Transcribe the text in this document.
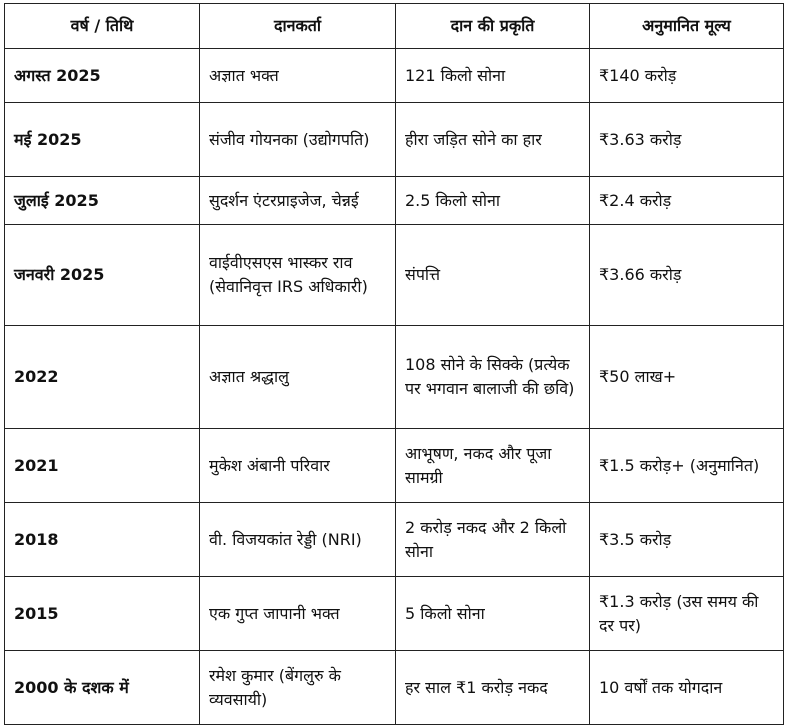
वर्ष / तिथि	दानकर्ता	दान की प्रकृति	अनुमानित मूल्य
अगस्त 2025	अज्ञात भक्त	121 किलो सोना	₹140 करोड़
मई 2025	संजीव गोयनका (उद्योगपति)	हीरा जड़ित सोने का हार	₹3.63 करोड़
जुलाई 2025	सुदर्शन एंटरप्राइजेज, चेन्नई	2.5 किलो सोना	₹2.4 करोड़
जनवरी 2025	वाईवीएसएस भास्कर राव (सेवानिवृत्त IRS अधिकारी)	संपत्ति	₹3.66 करोड़
2022	अज्ञात श्रद्धालु	108 सोने के सिक्के (प्रत्येक पर भगवान बालाजी की छवि)	₹50 लाख+
2021	मुकेश अंबानी परिवार	आभूषण, नकद और पूजा सामग्री	₹1.5 करोड़+ (अनुमानित)
2018	वी. विजयकांत रेड्डी (NRI)	2 करोड़ नकद और 2 किलो सोना	₹3.5 करोड़
2015	एक गुप्त जापानी भक्त	5 किलो सोना	₹1.3 करोड़ (उस समय की दर पर)
2000 के दशक में	रमेश कुमार (बेंगलुरु के व्यवसायी)	हर साल ₹1 करोड़ नकद	10 वर्षों तक योगदान
